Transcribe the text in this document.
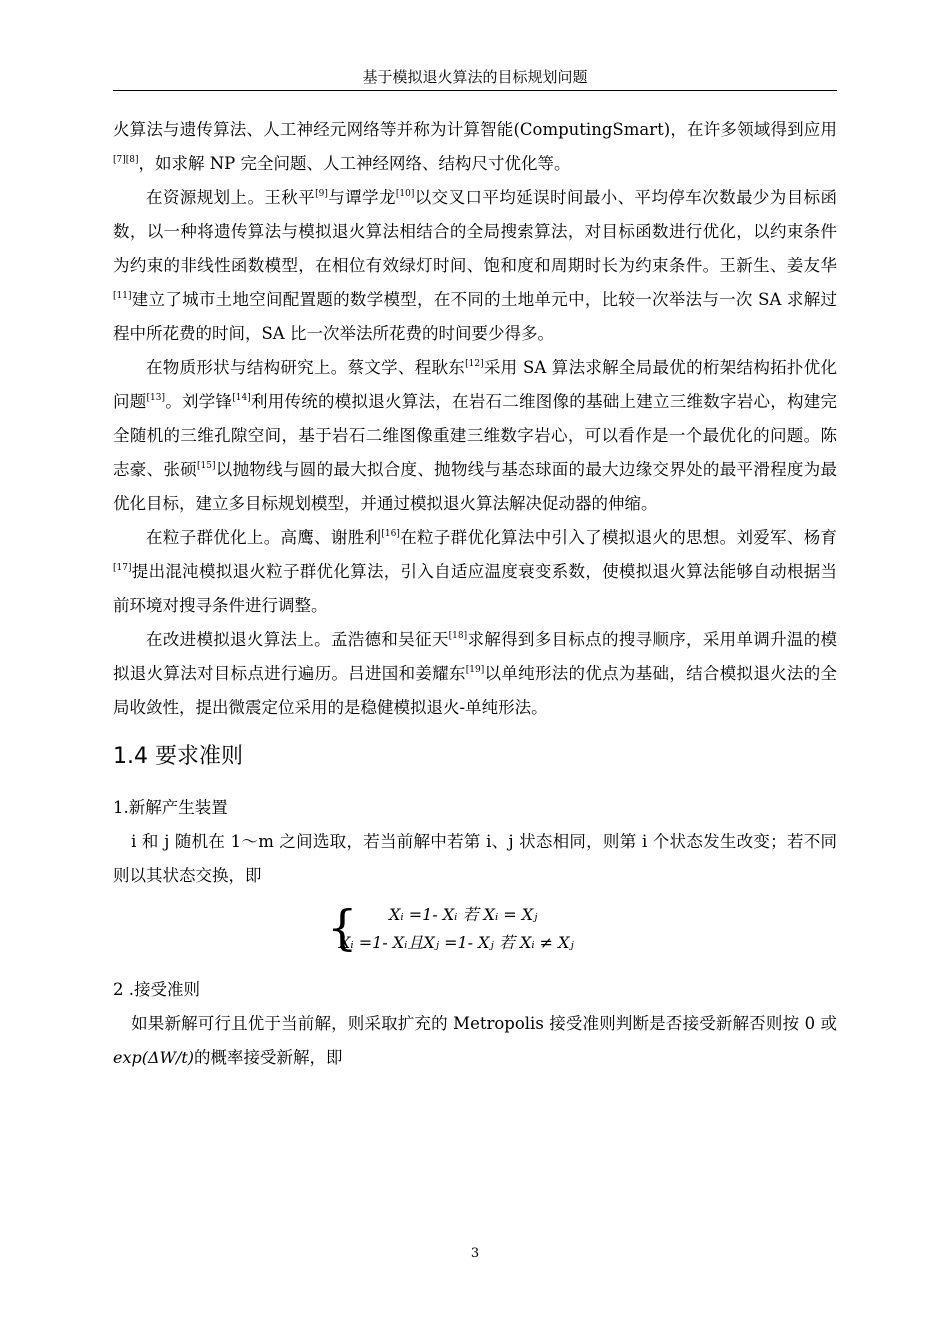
基于模拟退火算法的目标规划问题

火算法与遗传算法、人工神经元网络等并称为计算智能(ComputingSmart)，在许多领域得到应用[7][8]，如求解 NP 完全问题、人工神经网络、结构尺寸优化等。

在资源规划上。王秋平[9]与谭学龙[10]以交叉口平均延误时间最小、平均停车次数最少为目标函数，以一种将遗传算法与模拟退火算法相结合的全局搜索算法，对目标函数进行优化，以约束条件为约束的非线性函数模型，在相位有效绿灯时间、饱和度和周期时长为约束条件。王新生、姜友华[11]建立了城市土地空间配置题的数学模型，在不同的土地单元中，比较一次举法与一次 SA 求解过程中所花费的时间，SA 比一次举法所花费的时间要少得多。

在物质形状与结构研究上。蔡文学、程耿东[12]采用 SA 算法求解全局最优的桁架结构拓扑优化问题[13]。刘学锋[14]利用传统的模拟退火算法，在岩石二维图像的基础上建立三维数字岩心，构建完全随机的三维孔隙空间，基于岩石二维图像重建三维数字岩心，可以看作是一个最优化的问题。陈志豪、张硕[15]以抛物线与圆的最大拟合度、抛物线与基态球面的最大边缘交界处的最平滑程度为最优化目标，建立多目标规划模型，并通过模拟退火算法解决促动器的伸缩。

在粒子群优化上。高鹰、谢胜利[16]在粒子群优化算法中引入了模拟退火的思想。刘爱军、杨育[17]提出混沌模拟退火粒子群优化算法，引入自适应温度衰变系数，使模拟退火算法能够自动根据当前环境对搜寻条件进行调整。

在改进模拟退火算法上。孟浩德和吴征天[18]求解得到多目标点的搜寻顺序，采用单调升温的模拟退火算法对目标点进行遍历。吕进国和姜耀东[19]以单纯形法的优点为基础，结合模拟退火法的全局收敛性，提出微震定位采用的是稳健模拟退火-单纯形法。

1.4 要求准则

1.新解产生装置

i 和 j 随机在 1～m 之间选取，若当前解中若第 i、j 状态相同，则第 i 个状态发生改变；若不同则以其状态交换，即

{ Xᵢ =1- Xᵢ 若 Xᵢ = Xⱼ
Xᵢ =1- Xᵢ且Xⱼ =1- Xⱼ 若 Xᵢ ≠ Xⱼ

2 .接受准则

如果新解可行且优于当前解，则采取扩充的 Metropolis 接受准则判断是否接受新解否则按 0 或exp(ΔW/t)的概率接受新解，即

3
